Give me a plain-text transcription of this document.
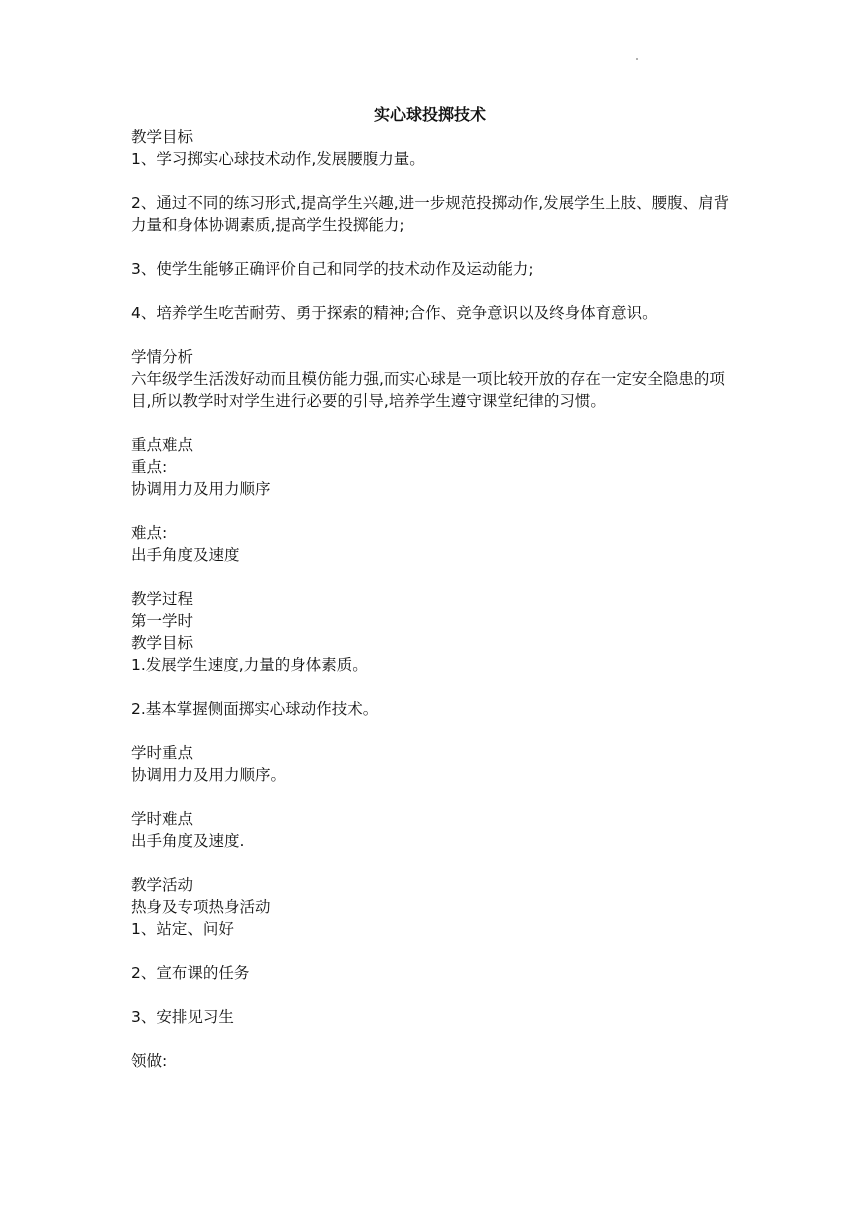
实心球投掷技术
教学目标
1、学习掷实心球技术动作,发展腰腹力量。
2、通过不同的练习形式,提高学生兴趣,进一步规范投掷动作,发展学生上肢、腰腹、肩背力量和身体协调素质,提高学生投掷能力;
3、使学生能够正确评价自己和同学的技术动作及运动能力;
4、培养学生吃苦耐劳、勇于探索的精神;合作、竞争意识以及终身体育意识。
学情分析
六年级学生活泼好动而且模仿能力强,而实心球是一项比较开放的存在一定安全隐患的项目,所以教学时对学生进行必要的引导,培养学生遵守课堂纪律的习惯。
重点难点
重点:
协调用力及用力顺序
难点:
出手角度及速度
教学过程
第一学时
教学目标
1.发展学生速度,力量的身体素质。
2.基本掌握侧面掷实心球动作技术。
学时重点
协调用力及用力顺序。
学时难点
出手角度及速度.
教学活动
热身及专项热身活动
1、站定、问好
2、宣布课的任务
3、安排见习生
领做:
